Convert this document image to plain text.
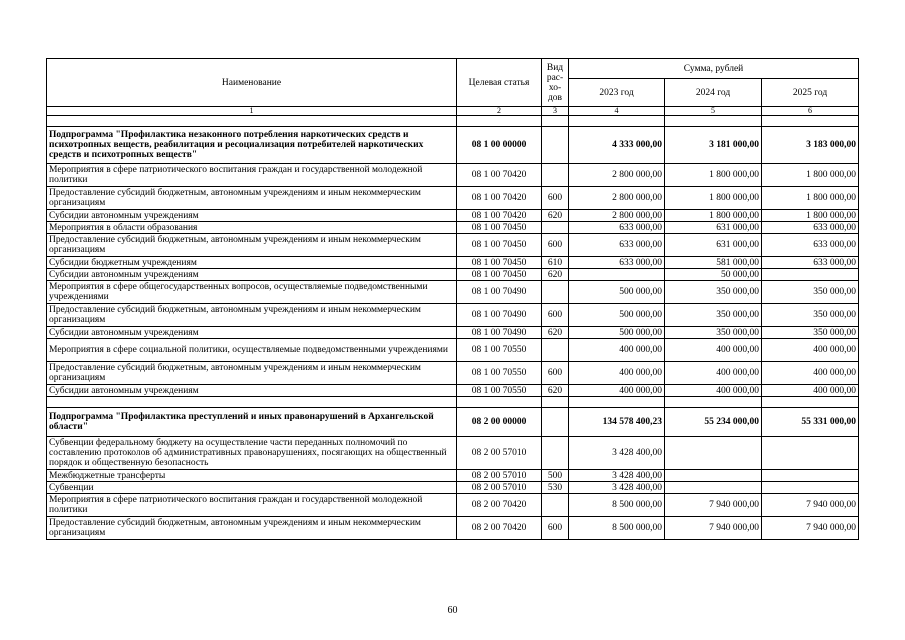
Наименование	Целевая статья	Вид рас- хо- дов	Сумма, рублей		
			2023 год	2024 год	2025 год
1	2	3	4	5	6

Подпрограмма "Профилактика незаконного потребления наркотических средств и психотропных веществ, реабилитация и ресоциализация потребителей наркотических средств и психотропных веществ"	08 1 00 00000		4 333 000,00	3 181 000,00	3 183 000,00
Мероприятия в сфере патриотического воспитания граждан и государственной молодежной политики	08 1 00 70420		2 800 000,00	1 800 000,00	1 800 000,00
Предоставление субсидий бюджетным, автономным учреждениям и иным некоммерческим организациям	08 1 00 70420	600	2 800 000,00	1 800 000,00	1 800 000,00
Субсидии автономным учреждениям	08 1 00 70420	620	2 800 000,00	1 800 000,00	1 800 000,00
Мероприятия в области образования	08 1 00 70450		633 000,00	631 000,00	633 000,00
Предоставление субсидий бюджетным, автономным учреждениям и иным некоммерческим организациям	08 1 00 70450	600	633 000,00	631 000,00	633 000,00
Субсидии бюджетным учреждениям	08 1 00 70450	610	633 000,00	581 000,00	633 000,00
Субсидии автономным учреждениям	08 1 00 70450	620		50 000,00	
Мероприятия в сфере общегосударственных вопросов, осуществляемые подведомственными учреждениями	08 1 00 70490		500 000,00	350 000,00	350 000,00
Предоставление субсидий бюджетным, автономным учреждениям и иным некоммерческим организациям	08 1 00 70490	600	500 000,00	350 000,00	350 000,00
Субсидии автономным учреждениям	08 1 00 70490	620	500 000,00	350 000,00	350 000,00
Мероприятия в сфере социальной политики, осуществляемые подведомственными учреждениями	08 1 00 70550		400 000,00	400 000,00	400 000,00
Предоставление субсидий бюджетным, автономным учреждениям и иным некоммерческим организациям	08 1 00 70550	600	400 000,00	400 000,00	400 000,00
Субсидии автономным учреждениям	08 1 00 70550	620	400 000,00	400 000,00	400 000,00

Подпрограмма "Профилактика преступлений и иных правонарушений в Архангельской области"	08 2 00 00000		134 578 400,23	55 234 000,00	55 331 000,00
Субвенции федеральному бюджету на осуществление части переданных полномочий по составлению протоколов об административных правонарушениях, посягающих на общественный порядок и общественную безопасность	08 2 00 57010		3 428 400,00		
Межбюджетные трансферты	08 2 00 57010	500	3 428 400,00		
Субвенции	08 2 00 57010	530	3 428 400,00		
Мероприятия в сфере патриотического воспитания граждан и государственной молодежной политики	08 2 00 70420		8 500 000,00	7 940 000,00	7 940 000,00
Предоставление субсидий бюджетным, автономным учреждениям и иным некоммерческим организациям	08 2 00 70420	600	8 500 000,00	7 940 000,00	7 940 000,00
60
